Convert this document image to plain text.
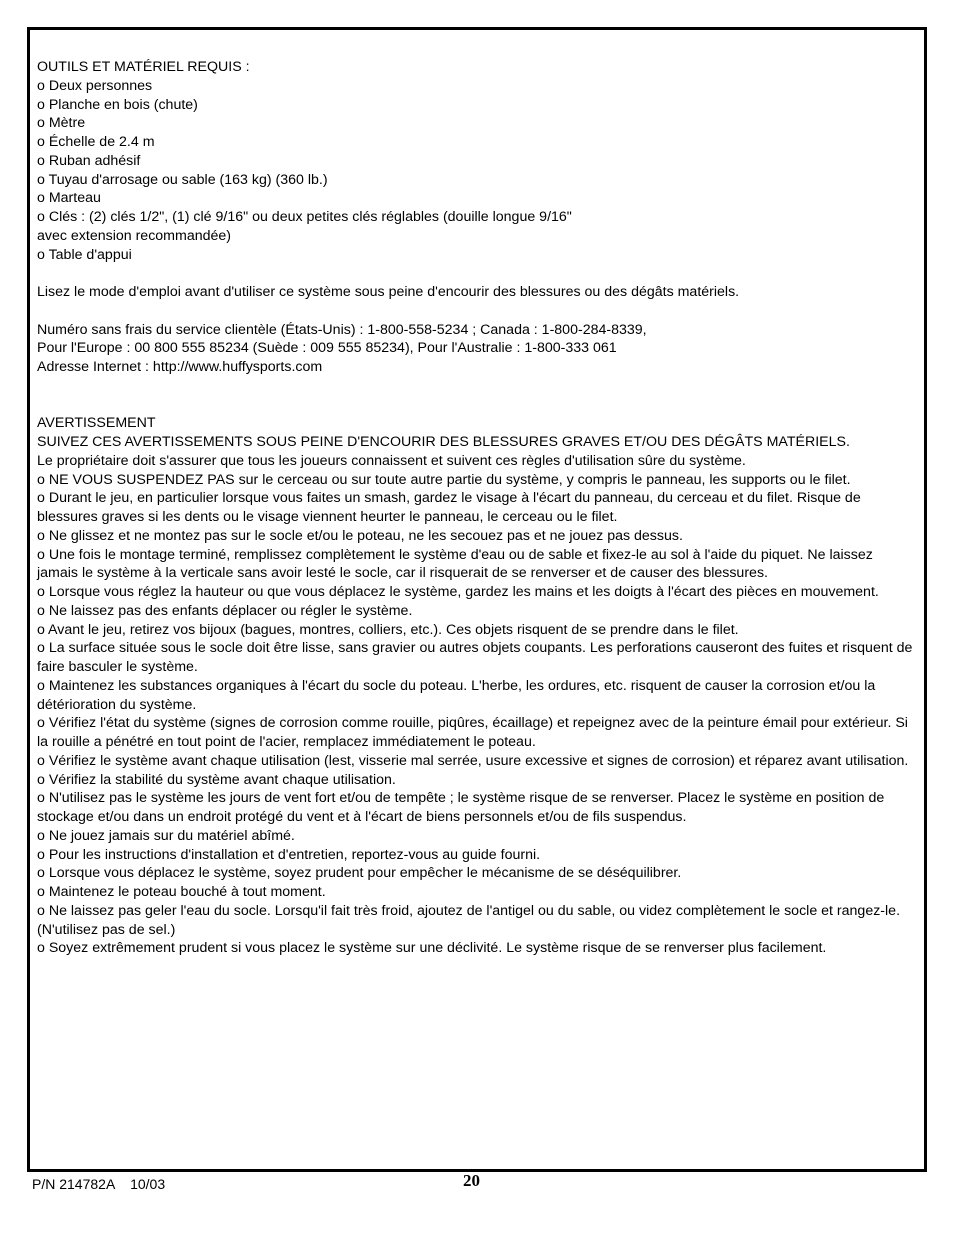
OUTILS ET MATÉRIEL REQUIS :

o Deux personnes

o Planche en bois (chute)

o Mètre

o Échelle de 2.4 m

o Ruban adhésif

o Tuyau d'arrosage ou sable (163 kg) (360 lb.)

o Marteau

o Clés : (2) clés 1/2", (1) clé 9/16" ou deux petites clés réglables (douille longue 9/16"

avec extension recommandée)

o Table d'appui

Lisez le mode d'emploi avant d'utiliser ce système sous peine d'encourir des blessures ou des dégâts matériels.

Numéro sans frais du service clientèle (États-Unis) : 1-800-558-5234 ; Canada : 1-800-284-8339,

Pour l'Europe : 00 800 555 85234 (Suède : 009 555 85234), Pour l'Australie : 1-800-333 061

Adresse Internet : http://www.huffysports.com

AVERTISSEMENT

SUIVEZ CES AVERTISSEMENTS SOUS PEINE D'ENCOURIR DES BLESSURES GRAVES ET/OU DES DÉGÂTS MATÉRIELS.

Le propriétaire doit s'assurer que tous les joueurs connaissent et suivent ces règles d'utilisation sûre du système.

o NE VOUS SUSPENDEZ PAS sur le cerceau ou sur toute autre partie du système, y compris le panneau, les supports ou le filet.

o Durant le jeu, en particulier lorsque vous faites un smash, gardez le visage à l'écart du panneau, du cerceau et du filet. Risque de blessures graves si les dents ou le visage viennent heurter le panneau, le cerceau ou le filet.

o Ne glissez et ne montez pas sur le socle et/ou le poteau, ne les secouez pas et ne jouez pas dessus.

o Une fois le montage terminé, remplissez complètement le système d'eau ou de sable et fixez-le au sol à l'aide du piquet. Ne laissez jamais le système à la verticale sans avoir lesté le socle, car il risquerait de se renverser et de causer des blessures.

o Lorsque vous réglez la hauteur ou que vous déplacez le système, gardez les mains et les doigts à l'écart des pièces en mouvement.

o Ne laissez pas des enfants déplacer ou régler le système.

o Avant le jeu, retirez vos bijoux (bagues, montres, colliers, etc.). Ces objets risquent de se prendre dans le filet.

o La surface située sous le socle doit être lisse, sans gravier ou autres objets coupants. Les perforations causeront des fuites et risquent de faire basculer le système.

o Maintenez les substances organiques à l'écart du socle du poteau. L'herbe, les ordures, etc. risquent de causer la corrosion et/ou la détérioration du système.

o Vérifiez l'état du système (signes de corrosion comme rouille, piqûres, écaillage) et repeignez avec de la peinture émail pour extérieur. Si la rouille a pénétré en tout point de l'acier, remplacez immédiatement le poteau.

o Vérifiez le système avant chaque utilisation (lest, visserie mal serrée, usure excessive et signes de corrosion) et réparez avant utilisation.

o Vérifiez la stabilité du système avant chaque utilisation.

o N'utilisez pas le système les jours de vent fort et/ou de tempête ; le système risque de se renverser. Placez le système en position de stockage et/ou dans un endroit protégé du vent et à l'écart de biens personnels et/ou de fils suspendus.

o Ne jouez jamais sur du matériel abîmé.

o Pour les instructions d'installation et d'entretien, reportez-vous au guide fourni.

o Lorsque vous déplacez le système, soyez prudent pour empêcher le mécanisme de se déséquilibrer.

o Maintenez le poteau bouché à tout moment.

o Ne laissez pas geler l'eau du socle. Lorsqu'il fait très froid, ajoutez de l'antigel ou du sable, ou videz complètement le socle et rangez-le. (N'utilisez pas de sel.)

o Soyez extrêmement prudent si vous placez le système sur une déclivité. Le système risque de se renverser plus facilement.

P/N 214782A    10/03	20
